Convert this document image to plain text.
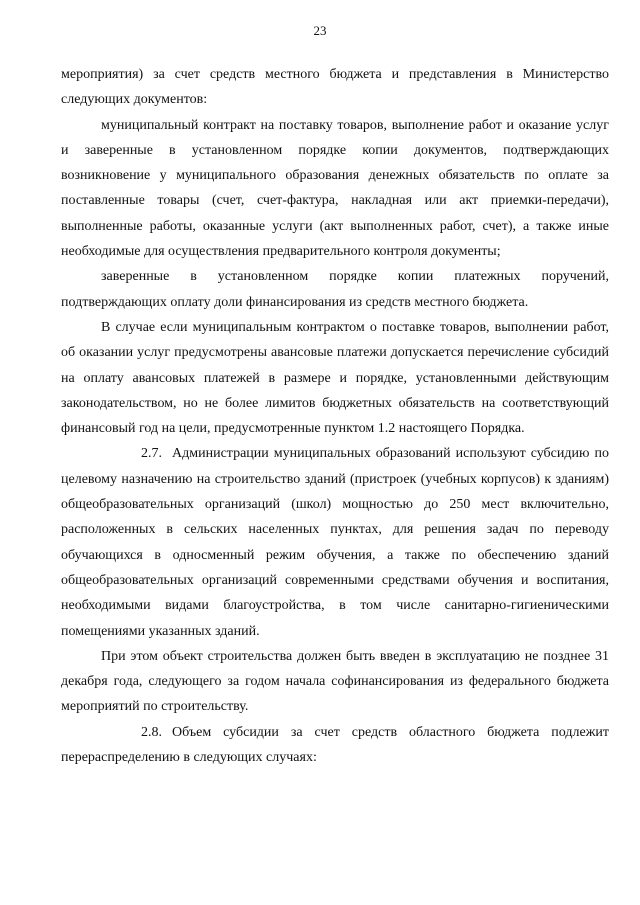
23

мероприятия) за счет средств местного бюджета и представления в Министерство следующих документов:

муниципальный контракт на поставку товаров, выполнение работ и оказание услуг и заверенные в установленном порядке копии документов, подтверждающих возникновение у муниципального образования денежных обязательств по оплате за поставленные товары (счет, счет-фактура, накладная или акт приемки-передачи), выполненные работы, оказанные услуги (акт выполненных работ, счет), а также иные необходимые для осуществления предварительного контроля документы;

заверенные в установленном порядке копии платежных поручений, подтверждающих оплату доли финансирования из средств местного бюджета.

В случае если муниципальным контрактом о поставке товаров, выполнении работ, об оказании услуг предусмотрены авансовые платежи допускается перечисление субсидий на оплату авансовых платежей в размере и порядке, установленными действующим законодательством, но не более лимитов бюджетных обязательств на соответствующий финансовый год на цели, предусмотренные пунктом 1.2 настоящего Порядка.

2.7. Администрации муниципальных образований используют субсидию по целевому назначению на строительство зданий (пристроек (учебных корпусов) к зданиям) общеобразовательных организаций (школ) мощностью до 250 мест включительно, расположенных в сельских населенных пунктах, для решения задач по переводу обучающихся в односменный режим обучения, а также по обеспечению зданий общеобразовательных организаций современными средствами обучения и воспитания, необходимыми видами благоустройства, в том числе санитарно-гигиеническими помещениями указанных зданий.

При этом объект строительства должен быть введен в эксплуатацию не позднее 31 декабря года, следующего за годом начала софинансирования из федерального бюджета мероприятий по строительству.

2.8. Объем субсидии за счет средств областного бюджета подлежит перераспределению в следующих случаях:
